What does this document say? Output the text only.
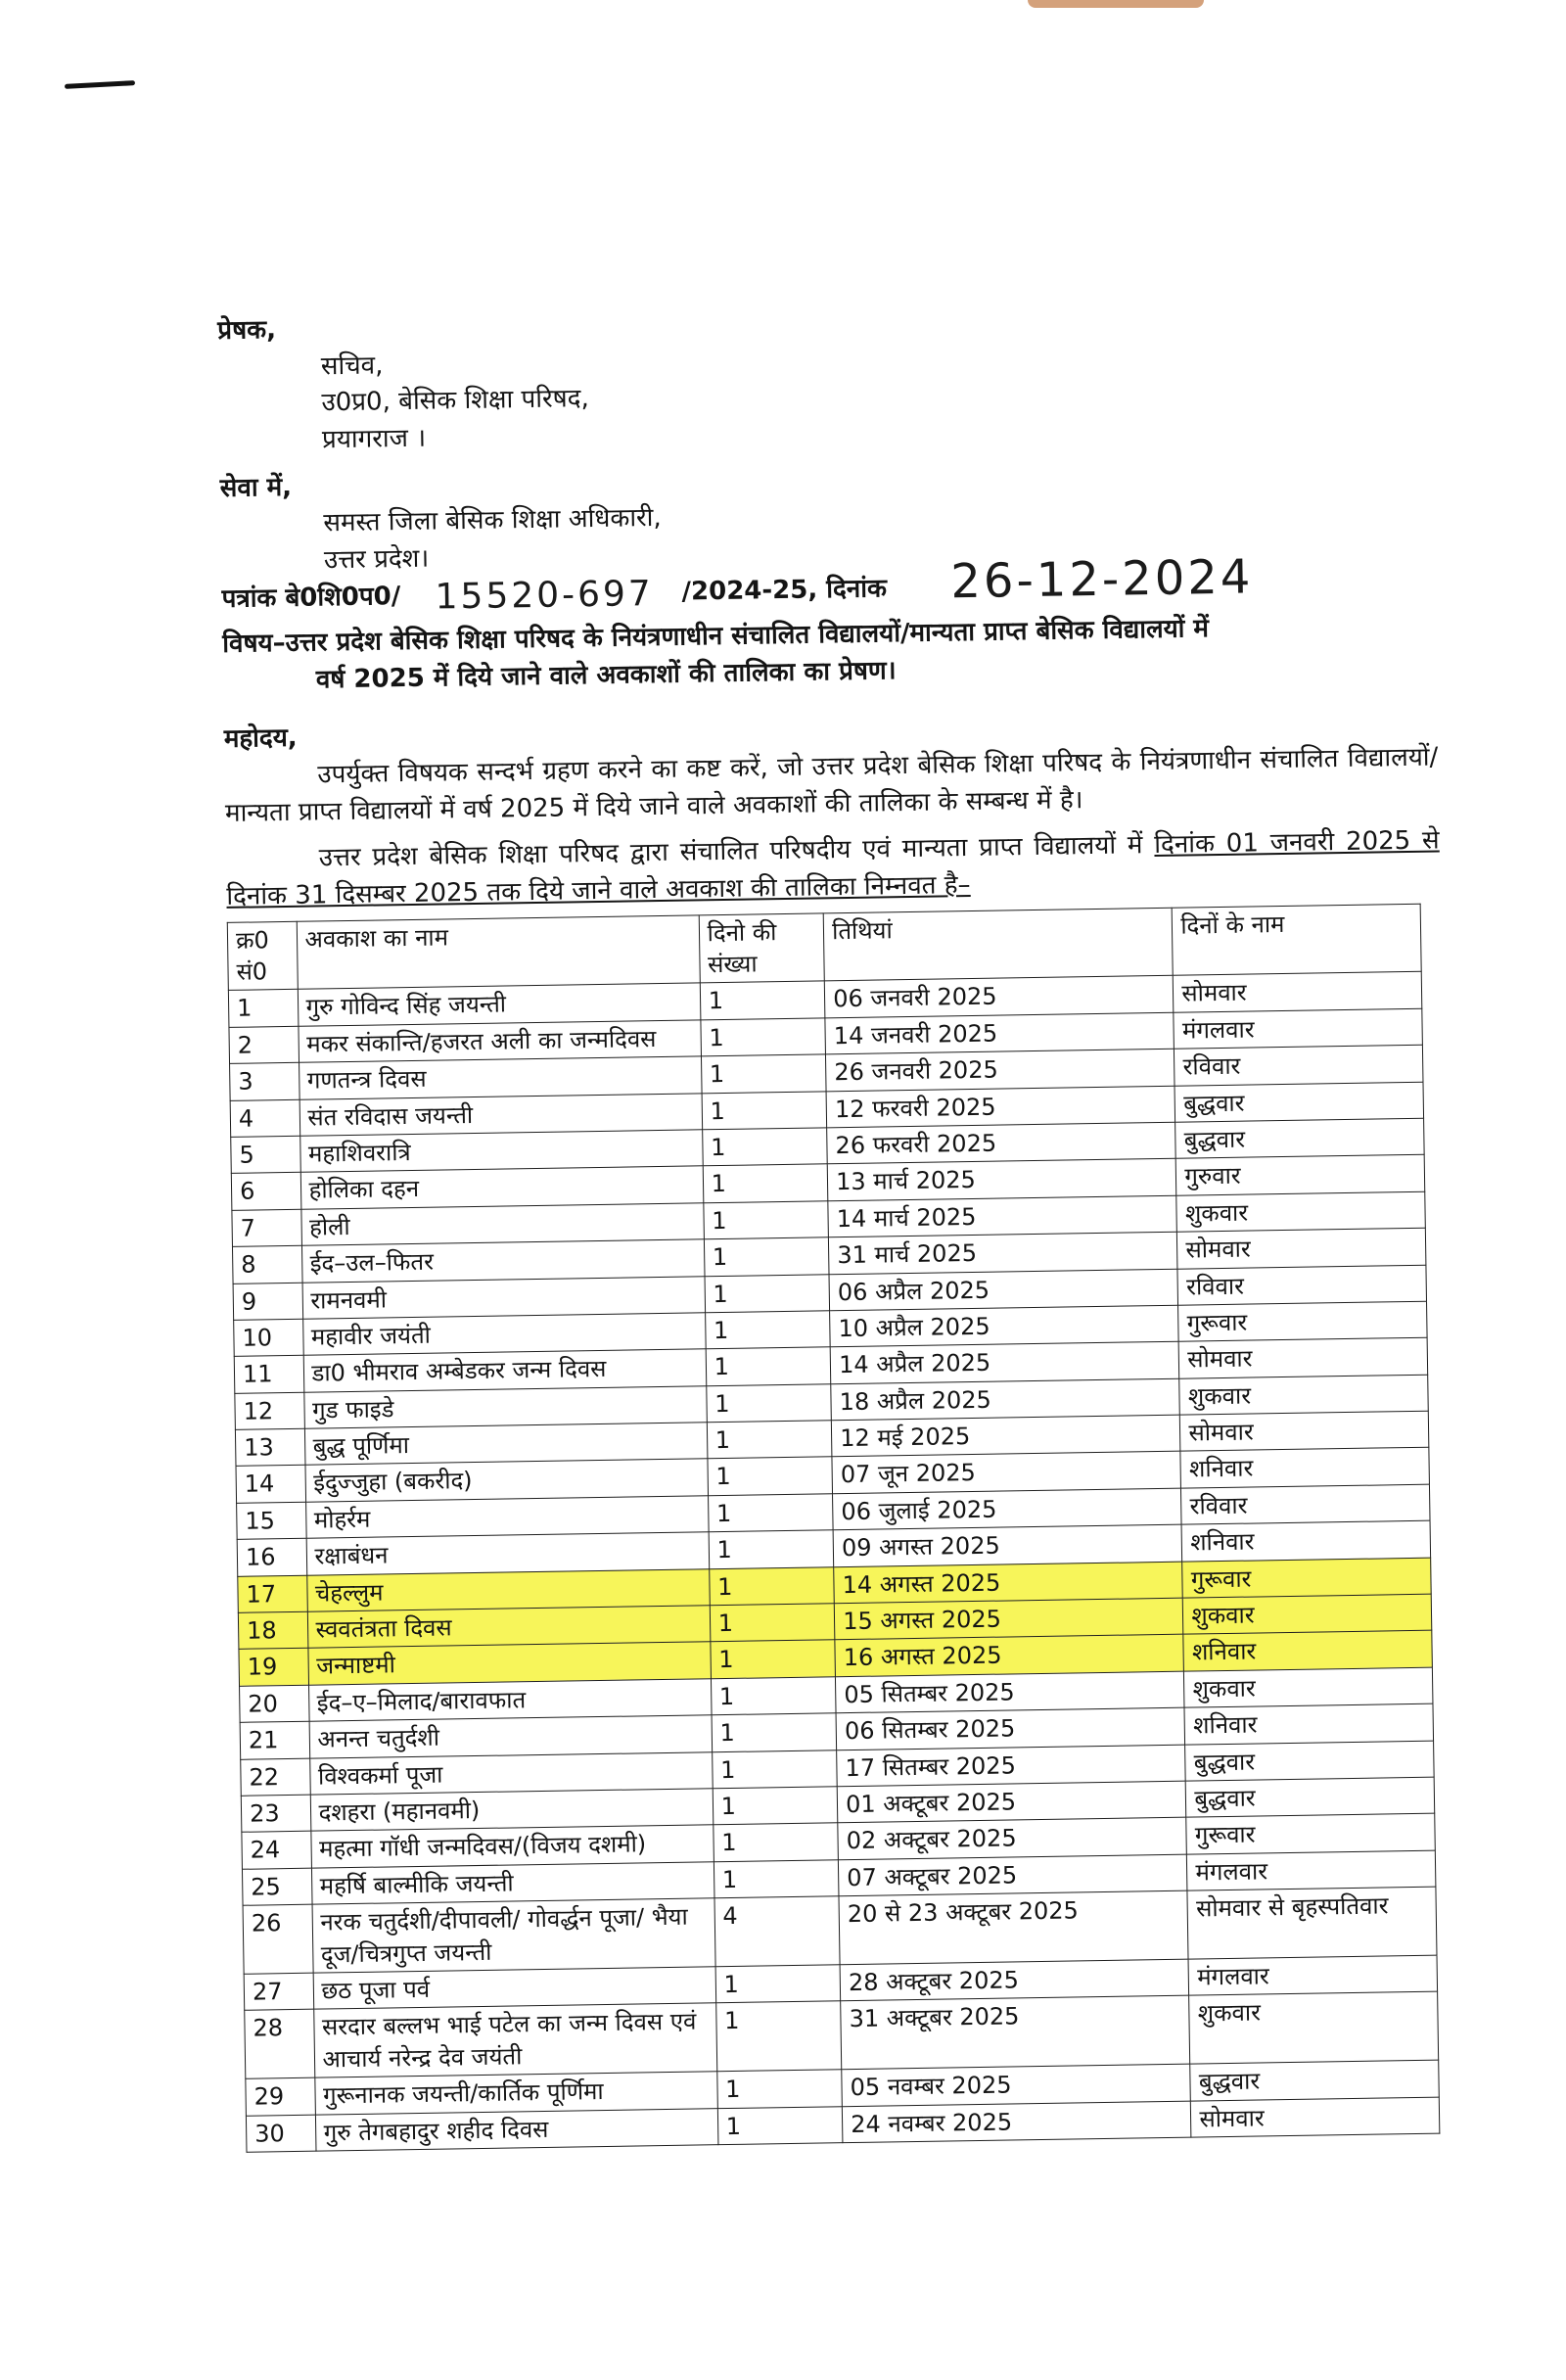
प्रेषक,
सचिव,
उ0प्र0, बेसिक शिक्षा परिषद,
प्रयागराज ।
सेवा में,
समस्त जिला बेसिक शिक्षा अधिकारी,
उत्तर प्रदेश।
पत्रांक बे0शि0प0/ 15520-697 /2024-25, दिनांक 26-12-2024
विषय–उत्तर प्रदेश बेसिक शिक्षा परिषद के नियंत्रणाधीन संचालित विद्यालयों/मान्यता प्राप्त बेसिक विद्यालयों में
वर्ष 2025 में दिये जाने वाले अवकाशों की तालिका का प्रेषण।
महोदय,
उपर्युक्त विषयक सन्दर्भ ग्रहण करने का कष्ट करें, जो उत्तर प्रदेश बेसिक शिक्षा परिषद के नियंत्रणाधीन संचालित विद्यालयों/मान्यता प्राप्त विद्यालयों में वर्ष 2025 में दिये जाने वाले अवकाशों की तालिका के सम्बन्ध में है।
उत्तर प्रदेश बेसिक शिक्षा परिषद द्वारा संचालित परिषदीय एवं मान्यता प्राप्त विद्यालयों में दिनांक 01 जनवरी 2025 से दिनांक 31 दिसम्बर 2025 तक दिये जाने वाले अवकाश की तालिका निम्नवत है–
क्र0 सं0	अवकाश का नाम	दिनो की संख्या	तिथियां	दिनों के नाम
1	गुरु गोविन्द सिंह जयन्ती	1	06 जनवरी 2025	सोमवार
2	मकर संकान्ति/हजरत अली का जन्मदिवस	1	14 जनवरी 2025	मंगलवार
3	गणतन्त्र दिवस	1	26 जनवरी 2025	रविवार
4	संत रविदास जयन्ती	1	12 फरवरी 2025	बुद्धवार
5	महाशिवरात्रि	1	26 फरवरी 2025	बुद्धवार
6	होलिका दहन	1	13 मार्च 2025	गुरुवार
7	होली	1	14 मार्च 2025	शुकवार
8	ईद–उल–फितर	1	31 मार्च 2025	सोमवार
9	रामनवमी	1	06 अप्रैल 2025	रविवार
10	महावीर जयंती	1	10 अप्रैल 2025	गुरूवार
11	डा0 भीमराव अम्बेडकर जन्म दिवस	1	14 अप्रैल 2025	सोमवार
12	गुड फाइडे	1	18 अप्रैल 2025	शुकवार
13	बुद्ध पूर्णिमा	1	12 मई 2025	सोमवार
14	ईदुज्जुहा (बकरीद)	1	07 जून 2025	शनिवार
15	मोहर्रम	1	06 जुलाई 2025	रविवार
16	रक्षाबंधन	1	09 अगस्त 2025	शनिवार
17	चेहल्लुम	1	14 अगस्त 2025	गुरूवार
18	स्ववतंत्रता दिवस	1	15 अगस्त 2025	शुकवार
19	जन्माष्टमी	1	16 अगस्त 2025	शनिवार
20	ईद–ए–मिलाद/बारावफात	1	05 सितम्बर 2025	शुकवार
21	अनन्त चतुर्दशी	1	06 सितम्बर 2025	शनिवार
22	विश्वकर्मा पूजा	1	17 सितम्बर 2025	बुद्धवार
23	दशहरा (महानवमी)	1	01 अक्टूबर 2025	बुद्धवार
24	महत्मा गॉधी जन्मदिवस/(विजय दशमी)	1	02 अक्टूबर 2025	गुरूवार
25	महर्षि बाल्मीकि जयन्ती	1	07 अक्टूबर 2025	मंगलवार
26	नरक चतुर्दशी/दीपावली/ गोवर्द्धन पूजा/ भैया दूज/चित्रगुप्त जयन्ती	4	20 से 23 अक्टूबर 2025	सोमवार से बृहस्पतिवार
27	छठ पूजा पर्व	1	28 अक्टूबर 2025	मंगलवार
28	सरदार बल्लभ भाई पटेल का जन्म दिवस एवं आचार्य नरेन्द्र देव जयंती	1	31 अक्टूबर 2025	शुकवार
29	गुरूनानक जयन्ती/कार्तिक पूर्णिमा	1	05 नवम्बर 2025	बुद्धवार
30	गुरु तेगबहादुर शहीद दिवस	1	24 नवम्बर 2025	सोमवार
